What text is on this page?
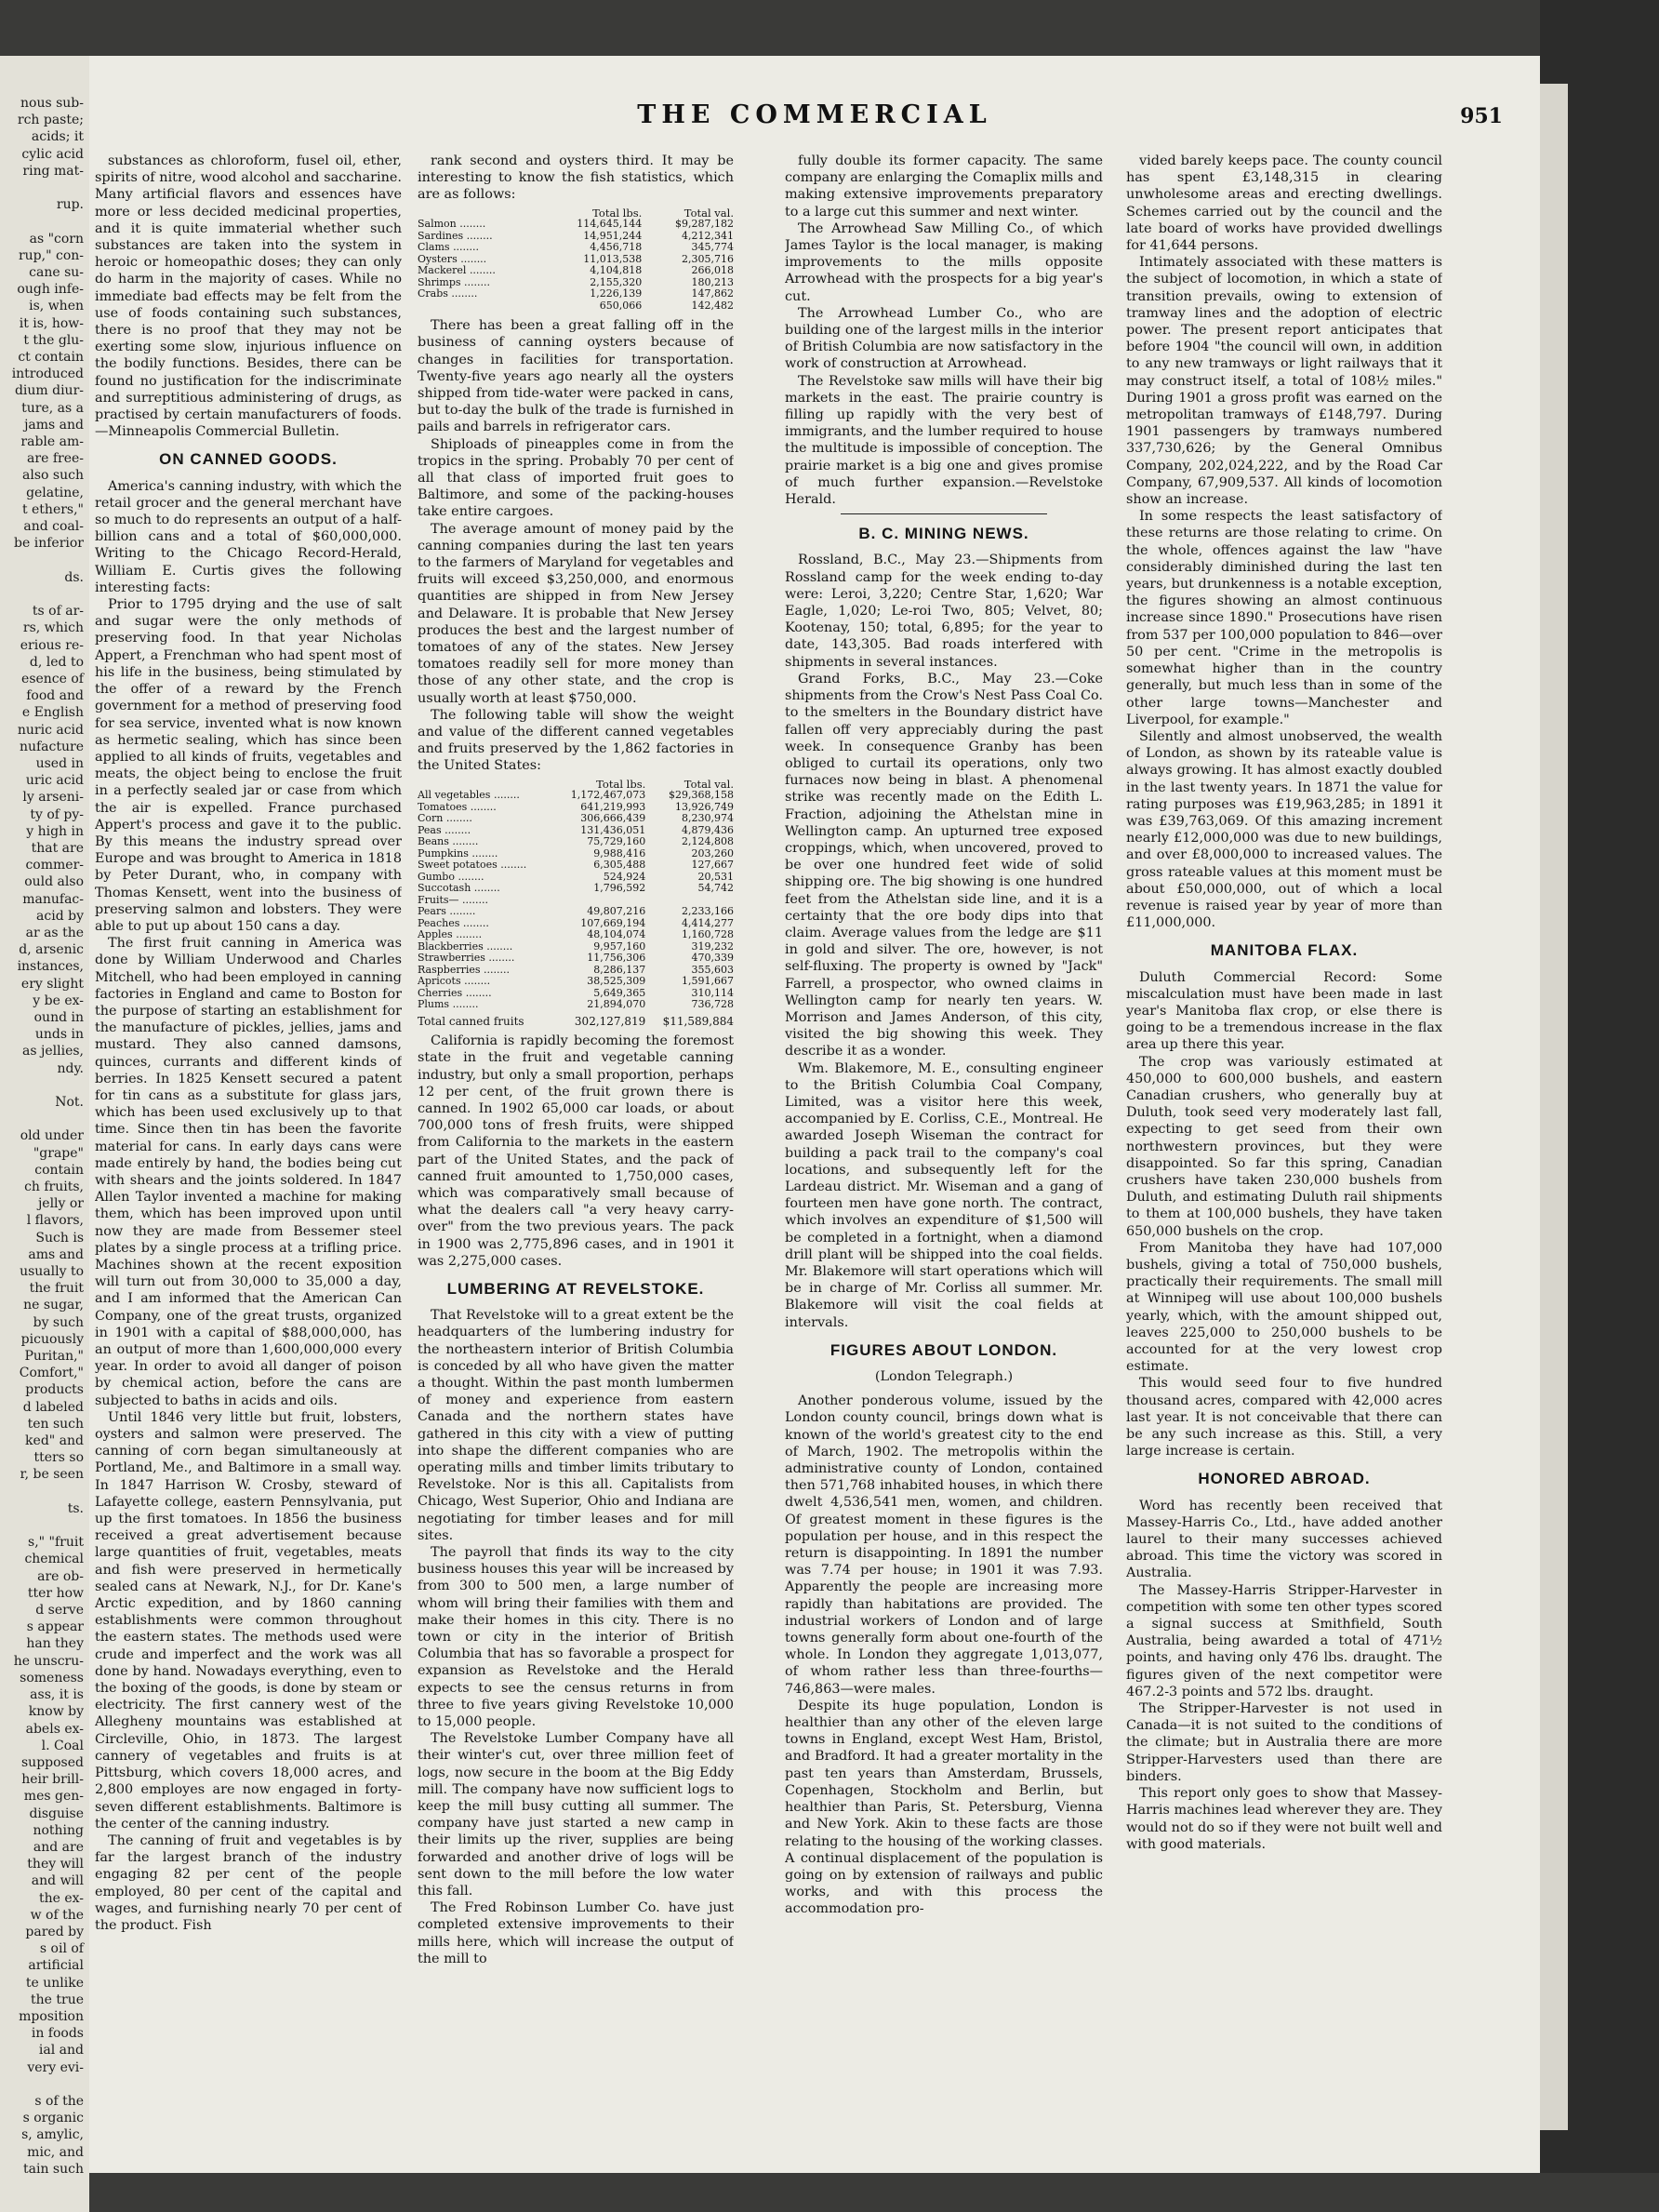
nous sub-
rch paste;
acids; it
cylic acid
ring mat-

rup.

as "corn
rup," con-
cane su-
ough infe-
is, when
it is, how-
t the glu-
ct contain
introduced
dium diur-
ture, as a
jams and
rable am-
are free-
also such
gelatine,
t ethers,"
and coal-
be inferior

ds.

ts of ar-
rs, which
erious re-
d, led to
esence of
food and
e English
nuric acid
nufacture
used in
uric acid
ly arseni-
ty of py-
y high in
that are
commer-
ould also
manufac-
acid by
ar as the
d, arsenic
instances,
ery slight
y be ex-
ound in
unds in
as jellies,
ndy.

Not.

old under
"grape"
contain
ch fruits,
jelly or
l flavors,
Such is
ams and
usually to
the fruit
ne sugar,
by such
picuously
Puritan,"
Comfort,"
products
d labeled
ten such
ked" and
tters so
r, be seen

ts.

s," "fruit
chemical
are ob-
tter how
d serve
s appear
han they
he unscru-
someness
ass, it is
know by
abels ex-
l. Coal
supposed
heir brill-
mes gen-
disguise
nothing
and are
they will
and will
the ex-
w of the
pared by
s oil of
artificial
te unlike
the true
mposition
in foods
ial and
very evi-

s of the
s organic
s, amylic,
mic, and
tain such
THE COMMERCIAL	951

substances as chloroform, fusel oil, ether, spirits of nitre, wood alcohol and saccharine. Many artificial flavors and essences have more or less decided medicinal properties, and it is quite immaterial whether such substances are taken into the system in heroic or homeopathic doses; they can only do harm in the majority of cases. While no immediate bad effects may be felt from the use of foods containing such substances, there is no proof that they may not be exerting some slow, injurious influence on the bodily functions. Besides, there can be found no justification for the indiscriminate and surreptitious administering of drugs, as practised by certain manufacturers of foods.—Minneapolis Commercial Bulletin.

ON CANNED GOODS.

America's canning industry, with which the retail grocer and the general merchant have so much to do represents an output of a half-billion cans and a total of $60,000,000. Writing to the Chicago Record-Herald, William E. Curtis gives the following interesting facts:

Prior to 1795 drying and the use of salt and sugar were the only methods of preserving food. In that year Nicholas Appert, a Frenchman who had spent most of his life in the business, being stimulated by the offer of a reward by the French government for a method of preserving food for sea service, invented what is now known as hermetic sealing, which has since been applied to all kinds of fruits, vegetables and meats, the object being to enclose the fruit in a perfectly sealed jar or case from which the air is expelled. France purchased Appert's process and gave it to the public. By this means the industry spread over Europe and was brought to America in 1818 by Peter Durant, who, in company with Thomas Kensett, went into the business of preserving salmon and lobsters. They were able to put up about 150 cans a day.

The first fruit canning in America was done by William Underwood and Charles Mitchell, who had been employed in canning factories in England and came to Boston for the purpose of starting an establishment for the manufacture of pickles, jellies, jams and mustard. They also canned damsons, quinces, currants and different kinds of berries. In 1825 Kensett secured a patent for tin cans as a substitute for glass jars, which has been used exclusively up to that time. Since then tin has been the favorite material for cans. In early days cans were made entirely by hand, the bodies being cut with shears and the joints soldered. In 1847 Allen Taylor invented a machine for making them, which has been improved upon until now they are made from Bessemer steel plates by a single process at a trifling price. Machines shown at the recent exposition will turn out from 30,000 to 35,000 a day, and I am informed that the American Can Company, one of the great trusts, organized in 1901 with a capital of $88,000,000, has an output of more than 1,600,000,000 every year. In order to avoid all danger of poison by chemical action, before the cans are subjected to baths in acids and oils.

Until 1846 very little but fruit, lobsters, oysters and salmon were preserved. The canning of corn began simultaneously at Portland, Me., and Baltimore in a small way. In 1847 Harrison W. Crosby, steward of Lafayette college, eastern Pennsylvania, put up the first tomatoes. In 1856 the business received a great advertisement because large quantities of fruit, vegetables, meats and fish were preserved in hermetically sealed cans at Newark, N.J., for Dr. Kane's Arctic expedition, and by 1860 canning establishments were common throughout the eastern states. The methods used were crude and imperfect and the work was all done by hand. Nowadays everything, even to the boxing of the goods, is done by steam or electricity. The first cannery west of the Allegheny mountains was established at Circleville, Ohio, in 1873. The largest cannery of vegetables and fruits is at Pittsburg, which covers 18,000 acres, and 2,800 employes are now engaged in forty-seven different establishments. Baltimore is the center of the canning industry.

The canning of fruit and vegetables is by far the largest branch of the industry engaging 82 per cent of the people employed, 80 per cent of the capital and wages, and furnishing nearly 70 per cent of the product. Fish

rank second and oysters third. It may be interesting to know the fish statistics, which are as follows:

	Total lbs.	Total val.
Salmon ........	114,645,144	$9,287,182
Sardines ........	14,951,244	4,212,341
Clams ........	4,456,718	345,774
Oysters ........	11,013,538	2,305,716
Mackerel ........	4,104,818	266,018
Shrimps ........	2,155,320	180,213
Crabs ........	1,226,139	147,862
	650,066	142,482

There has been a great falling off in the business of canning oysters because of changes in facilities for transportation. Twenty-five years ago nearly all the oysters shipped from tide-water were packed in cans, but to-day the bulk of the trade is furnished in pails and barrels in refrigerator cars.

Shiploads of pineapples come in from the tropics in the spring. Probably 70 per cent of all that class of imported fruit goes to Baltimore, and some of the packing-houses take entire cargoes.

The average amount of money paid by the canning companies during the last ten years to the farmers of Maryland for vegetables and fruits will exceed $3,250,000, and enormous quantities are shipped in from New Jersey and Delaware. It is probable that New Jersey produces the best and the largest number of tomatoes of any of the states. New Jersey tomatoes readily sell for more money than those of any other state, and the crop is usually worth at least $750,000.

The following table will show the weight and value of the different canned vegetables and fruits preserved by the 1,862 factories in the United States:

	Total lbs.	Total val.
All vegetables ........	1,172,467,073	$29,368,158
Tomatoes ........	641,219,993	13,926,749
Corn ........	306,666,439	8,230,974
Peas ........	131,436,051	4,879,436
Beans ........	75,729,160	2,124,808
Pumpkins ........	9,988,416	203,260
Sweet potatoes ........	6,305,488	127,667
Gumbo ........	524,924	20,531
Succotash ........	1,796,592	54,742
Fruits— ........		
Pears ........	49,807,216	2,233,166
Peaches ........	107,669,194	4,414,277
Apples ........	48,104,074	1,160,728
Blackberries ........	9,957,160	319,232
Strawberries ........	11,756,306	470,339
Raspberries ........	8,286,137	355,603
Apricots ........	38,525,309	1,591,667
Cherries ........	5,649,365	310,114
Plums ........	21,894,070	736,728
Total canned fruits	302,127,819	$11,589,884

California is rapidly becoming the foremost state in the fruit and vegetable canning industry, but only a small proportion, perhaps 12 per cent, of the fruit grown there is canned. In 1902 65,000 car loads, or about 700,000 tons of fresh fruits, were shipped from California to the markets in the eastern part of the United States, and the pack of canned fruit amounted to 1,750,000 cases, which was comparatively small because of what the dealers call "a very heavy carry-over" from the two previous years. The pack in 1900 was 2,775,896 cases, and in 1901 it was 2,275,000 cases.

LUMBERING AT REVELSTOKE.

That Revelstoke will to a great extent be the headquarters of the lumbering industry for the northeastern interior of British Columbia is conceded by all who have given the matter a thought. Within the past month lumbermen of money and experience from eastern Canada and the northern states have gathered in this city with a view of putting into shape the different companies who are operating mills and timber limits tributary to Revelstoke. Nor is this all. Capitalists from Chicago, West Superior, Ohio and Indiana are negotiating for timber leases and for mill sites.

The payroll that finds its way to the city business houses this year will be increased by from 300 to 500 men, a large number of whom will bring their families with them and make their homes in this city. There is no town or city in the interior of British Columbia that has so favorable a prospect for expansion as Revelstoke and the Herald expects to see the census returns in from three to five years giving Revelstoke 10,000 to 15,000 people.

The Revelstoke Lumber Company have all their winter's cut, over three million feet of logs, now secure in the boom at the Big Eddy mill. The company have now sufficient logs to keep the mill busy cutting all summer. The company have just started a new camp in their limits up the river, supplies are being forwarded and another drive of logs will be sent down to the mill before the low water this fall.

The Fred Robinson Lumber Co. have just completed extensive improvements to their mills here, which will increase the output of the mill to

fully double its former capacity. The same company are enlarging the Comaplix mills and making extensive improvements preparatory to a large cut this summer and next winter.

The Arrowhead Saw Milling Co., of which James Taylor is the local manager, is making improvements to the mills opposite Arrowhead with the prospects for a big year's cut.

The Arrowhead Lumber Co., who are building one of the largest mills in the interior of British Columbia are now satisfactory in the work of construction at Arrowhead.

The Revelstoke saw mills will have their big markets in the east. The prairie country is filling up rapidly with the very best of immigrants, and the lumber required to house the multitude is impossible of conception. The prairie market is a big one and gives promise of much further expansion.—Revelstoke Herald.

B. C. MINING NEWS.

Rossland, B.C., May 23.—Shipments from Rossland camp for the week ending to-day were: Leroi, 3,220; Centre Star, 1,620; War Eagle, 1,020; Le-roi Two, 805; Velvet, 80; Kootenay, 150; total, 6,895; for the year to date, 143,305. Bad roads interfered with shipments in several instances.

Grand Forks, B.C., May 23.—Coke shipments from the Crow's Nest Pass Coal Co. to the smelters in the Boundary district have fallen off very appreciably during the past week. In consequence Granby has been obliged to curtail its operations, only two furnaces now being in blast. A phenomenal strike was recently made on the Edith L. Fraction, adjoining the Athelstan mine in Wellington camp. An upturned tree exposed croppings, which, when uncovered, proved to be over one hundred feet wide of solid shipping ore. The big showing is one hundred feet from the Athelstan side line, and it is a certainty that the ore body dips into that claim. Average values from the ledge are $11 in gold and silver. The ore, however, is not self-fluxing. The property is owned by "Jack" Farrell, a prospector, who owned claims in Wellington camp for nearly ten years. W. Morrison and James Anderson, of this city, visited the big showing this week. They describe it as a wonder.

Wm. Blakemore, M. E., consulting engineer to the British Columbia Coal Company, Limited, was a visitor here this week, accompanied by E. Corliss, C.E., Montreal. He awarded Joseph Wiseman the contract for building a pack trail to the company's coal locations, and subsequently left for the Lardeau district. Mr. Wiseman and a gang of fourteen men have gone north. The contract, which involves an expenditure of $1,500 will be completed in a fortnight, when a diamond drill plant will be shipped into the coal fields. Mr. Blakemore will start operations which will be in charge of Mr. Corliss all summer. Mr. Blakemore will visit the coal fields at intervals.

FIGURES ABOUT LONDON.
(London Telegraph.)

Another ponderous volume, issued by the London county council, brings down what is known of the world's greatest city to the end of March, 1902. The metropolis within the administrative county of London, contained then 571,768 inhabited houses, in which there dwelt 4,536,541 men, women, and children. Of greatest moment in these figures is the population per house, and in this respect the return is disappointing. In 1891 the number was 7.74 per house; in 1901 it was 7.93. Apparently the people are increasing more rapidly than habitations are provided. The industrial workers of London and of large towns generally form about one-fourth of the whole. In London they aggregate 1,013,077, of whom rather less than three-fourths—746,863—were males.

Despite its huge population, London is healthier than any other of the eleven large towns in England, except West Ham, Bristol, and Bradford. It had a greater mortality in the past ten years than Amsterdam, Brussels, Copenhagen, Stockholm and Berlin, but healthier than Paris, St. Petersburg, Vienna and New York. Akin to these facts are those relating to the housing of the working classes. A continual displacement of the population is going on by extension of railways and public works, and with this process the accommodation pro-

vided barely keeps pace. The county council has spent £3,148,315 in clearing unwholesome areas and erecting dwellings. Schemes carried out by the council and the late board of works have provided dwellings for 41,644 persons.

Intimately associated with these matters is the subject of locomotion, in which a state of transition prevails, owing to extension of tramway lines and the adoption of electric power. The present report anticipates that before 1904 "the council will own, in addition to any new tramways or light railways that it may construct itself, a total of 108½ miles." During 1901 a gross profit was earned on the metropolitan tramways of £148,797. During 1901 passengers by tramways numbered 337,730,626; by the General Omnibus Company, 202,024,222, and by the Road Car Company, 67,909,537. All kinds of locomotion show an increase.

In some respects the least satisfactory of these returns are those relating to crime. On the whole, offences against the law "have considerably diminished during the last ten years, but drunkenness is a notable exception, the figures showing an almost continuous increase since 1890." Prosecutions have risen from 537 per 100,000 population to 846—over 50 per cent. "Crime in the metropolis is somewhat higher than in the country generally, but much less than in some of the other large towns—Manchester and Liverpool, for example."

Silently and almost unobserved, the wealth of London, as shown by its rateable value is always growing. It has almost exactly doubled in the last twenty years. In 1871 the value for rating purposes was £19,963,285; in 1891 it was £39,763,069. Of this amazing increment nearly £12,000,000 was due to new buildings, and over £8,000,000 to increased values. The gross rateable values at this moment must be about £50,000,000, out of which a local revenue is raised year by year of more than £11,000,000.

MANITOBA FLAX.

Duluth Commercial Record: Some miscalculation must have been made in last year's Manitoba flax crop, or else there is going to be a tremendous increase in the flax area up there this year.

The crop was variously estimated at 450,000 to 600,000 bushels, and eastern Canadian crushers, who generally buy at Duluth, took seed very moderately last fall, expecting to get seed from their own northwestern provinces, but they were disappointed. So far this spring, Canadian crushers have taken 230,000 bushels from Duluth, and estimating Duluth rail shipments to them at 100,000 bushels, they have taken 650,000 bushels on the crop.

From Manitoba they have had 107,000 bushels, giving a total of 750,000 bushels, practically their requirements. The small mill at Winnipeg will use about 100,000 bushels yearly, which, with the amount shipped out, leaves 225,000 to 250,000 bushels to be accounted for at the very lowest crop estimate.

This would seed four to five hundred thousand acres, compared with 42,000 acres last year. It is not conceivable that there can be any such increase as this. Still, a very large increase is certain.

HONORED ABROAD.

Word has recently been received that Massey-Harris Co., Ltd., have added another laurel to their many successes achieved abroad. This time the victory was scored in Australia.

The Massey-Harris Stripper-Harvester in competition with some ten other types scored a signal success at Smithfield, South Australia, being awarded a total of 471½ points, and having only 476 lbs. draught. The figures given of the next competitor were 467.2-3 points and 572 lbs. draught.

The Stripper-Harvester is not used in Canada—it is not suited to the conditions of the climate; but in Australia there are more Stripper-Harvesters used than there are binders.

This report only goes to show that Massey-Harris machines lead wherever they are. They would not do so if they were not built well and with good materials.
